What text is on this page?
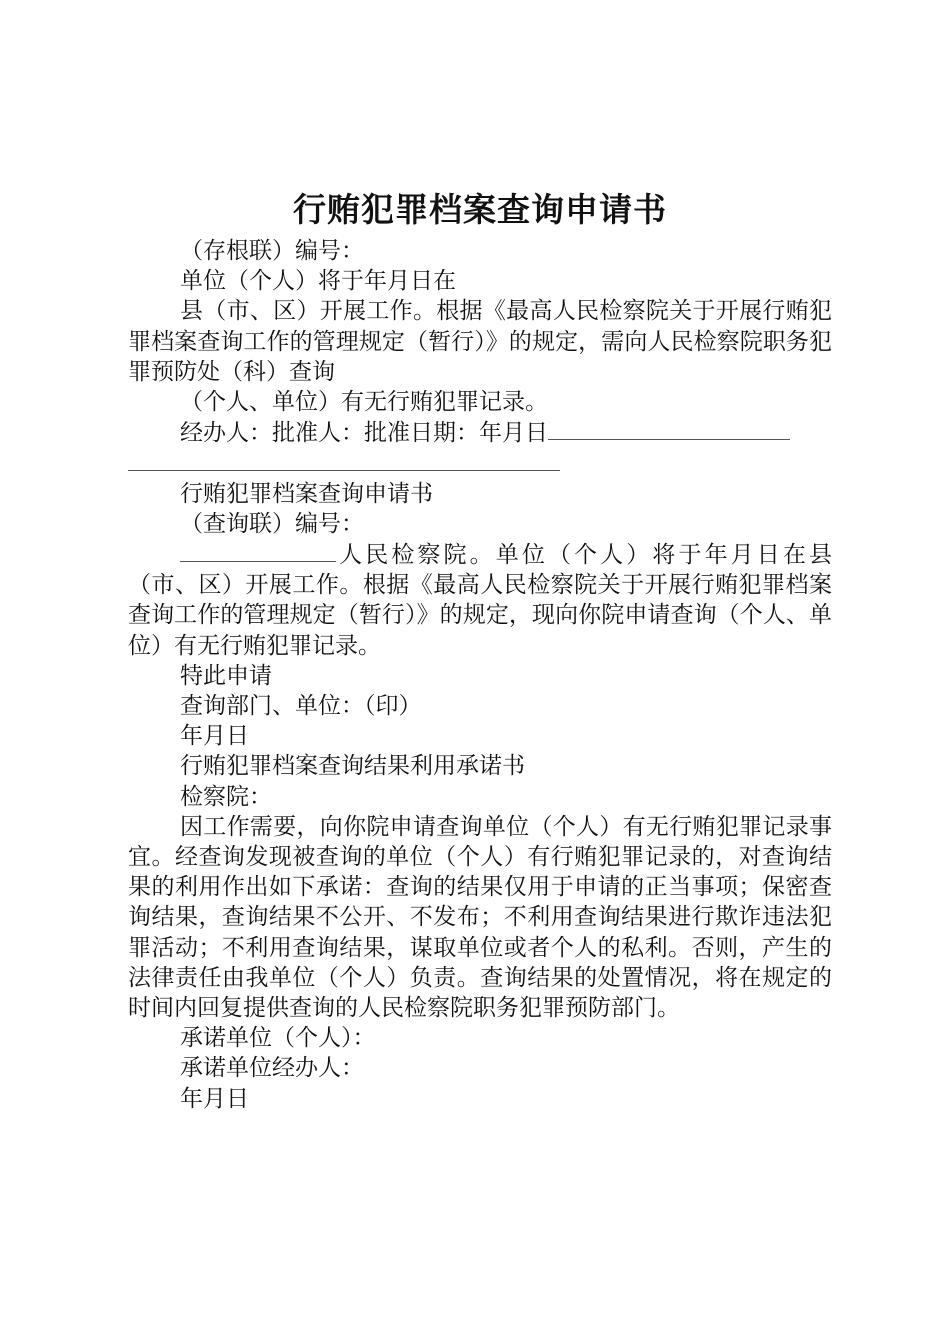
行贿犯罪档案查询申请书

（存根联）编号：

单位（个人）将于年月日在

县（市、区）开展工作。根据《最高人民检察院关于开展行贿犯罪档案查询工作的管理规定（暂行）》的规定，需向人民检察院职务犯罪预防处（科）查询

（个人、单位）有无行贿犯罪记录。

经办人：批准人：批准日期：年月日

行贿犯罪档案查询申请书

（查询联）编号：

人民检察院。单位（个人）将于年月日在县（市、区）开展工作。根据《最高人民检察院关于开展行贿犯罪档案查询工作的管理规定（暂行）》的规定，现向你院申请查询（个人、单位）有无行贿犯罪记录。

特此申请

查询部门、单位：（印）

年月日

行贿犯罪档案查询结果利用承诺书

检察院：

因工作需要，向你院申请查询单位（个人）有无行贿犯罪记录事宜。经查询发现被查询的单位（个人）有行贿犯罪记录的，对查询结果的利用作出如下承诺：查询的结果仅用于申请的正当事项；保密查询结果，查询结果不公开、不发布；不利用查询结果进行欺诈违法犯罪活动；不利用查询结果，谋取单位或者个人的私利。否则，产生的法律责任由我单位（个人）负责。查询结果的处置情况，将在规定的时间内回复提供查询的人民检察院职务犯罪预防部门。

承诺单位（个人）：

承诺单位经办人：

年月日
